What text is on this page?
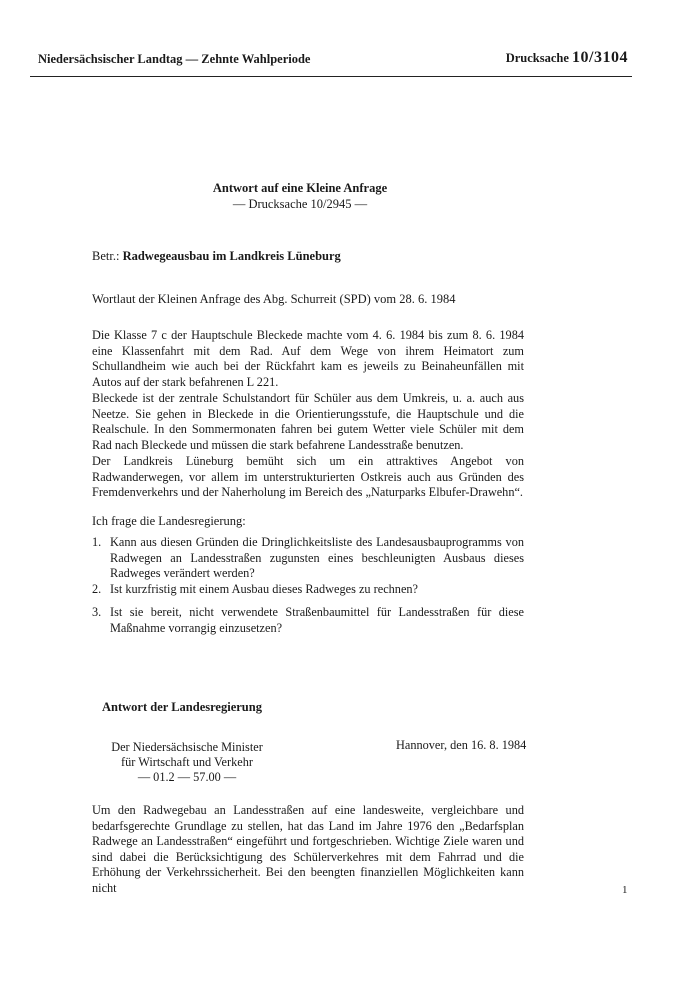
Niedersächsischer Landtag — Zehnte Wahlperiode	Drucksache 10/3104
Antwort auf eine Kleine Anfrage
— Drucksache 10/2945 —
Betr.: Radwegeausbau im Landkreis Lüneburg
Wortlaut der Kleinen Anfrage des Abg. Schurreit (SPD) vom 28. 6. 1984
Die Klasse 7 c der Hauptschule Bleckede machte vom 4. 6. 1984 bis zum 8. 6. 1984 eine Klassenfahrt mit dem Rad. Auf dem Wege von ihrem Heimatort zum Schullandheim wie auch bei der Rückfahrt kam es jeweils zu Beinaheunfällen mit Autos auf der stark befahrenen L 221.
Bleckede ist der zentrale Schulstandort für Schüler aus dem Umkreis, u. a. auch aus Neetze. Sie gehen in Bleckede in die Orientierungsstufe, die Hauptschule und die Realschule. In den Sommermonaten fahren bei gutem Wetter viele Schüler mit dem Rad nach Bleckede und müssen die stark befahrene Landesstraße benutzen.
Der Landkreis Lüneburg bemüht sich um ein attraktives Angebot von Radwanderwegen, vor allem im unterstrukturierten Ostkreis auch aus Gründen des Fremdenverkehrs und der Naherholung im Bereich des „Naturparks Elbufer-Drawehn“.
Ich frage die Landesregierung:
1. Kann aus diesen Gründen die Dringlichkeitsliste des Landesausbauprogramms von Radwegen an Landesstraßen zugunsten eines beschleunigten Ausbaus dieses Radweges verändert werden?
2. Ist kurzfristig mit einem Ausbau dieses Radweges zu rechnen?
3. Ist sie bereit, nicht verwendete Straßenbaumittel für Landesstraßen für diese Maßnahme vorrangig einzusetzen?
Antwort der Landesregierung
Der Niedersächsische Minister
für Wirtschaft und Verkehr
— 01.2 — 57.00 —
Hannover, den 16. 8. 1984
Um den Radwegebau an Landesstraßen auf eine landesweite, vergleichbare und bedarfsgerechte Grundlage zu stellen, hat das Land im Jahre 1976 den „Bedarfsplan Radwege an Landesstraßen“ eingeführt und fortgeschrieben. Wichtige Ziele waren und sind dabei die Berücksichtigung des Schülerverkehres mit dem Fahrrad und die Erhöhung der Verkehrssicherheit. Bei den beengten finanziellen Möglichkeiten kann nicht	1
